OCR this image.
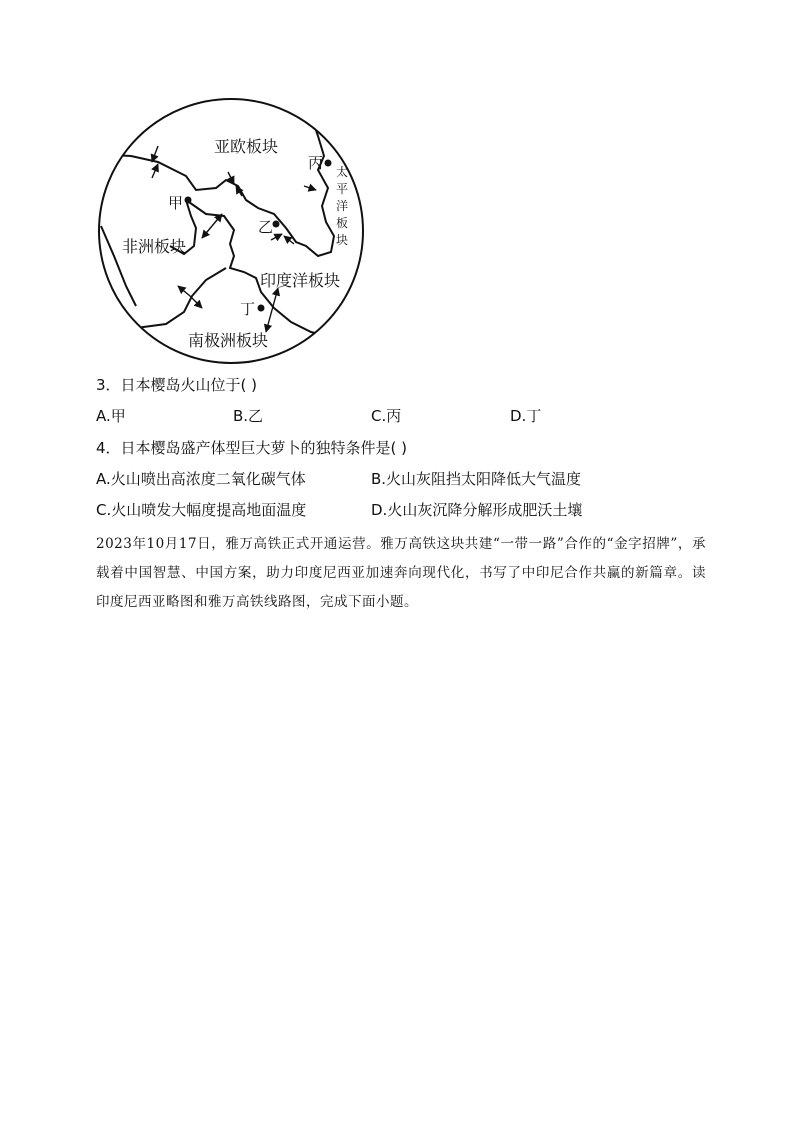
亚欧板块
非洲板块
印度洋板块
南极洲板块
太
平
洋
板
块
甲
乙
丙
丁
3．日本樱岛火山位于( )
A.甲	B.乙	C.丙	D.丁
4．日本樱岛盛产体型巨大萝卜的独特条件是( )
A.火山喷出高浓度二氧化碳气体	B.火山灰阻挡太阳降低大气温度
C.火山喷发大幅度提高地面温度	D.火山灰沉降分解形成肥沃土壤
2023年10月17日，雅万高铁正式开通运营。雅万高铁这块共建“一带一路”合作的“金字招牌”，承载着中国智慧、中国方案，助力印度尼西亚加速奔向现代化，书写了中印尼合作共赢的新篇章。读印度尼西亚略图和雅万高铁线路图，完成下面小题。
